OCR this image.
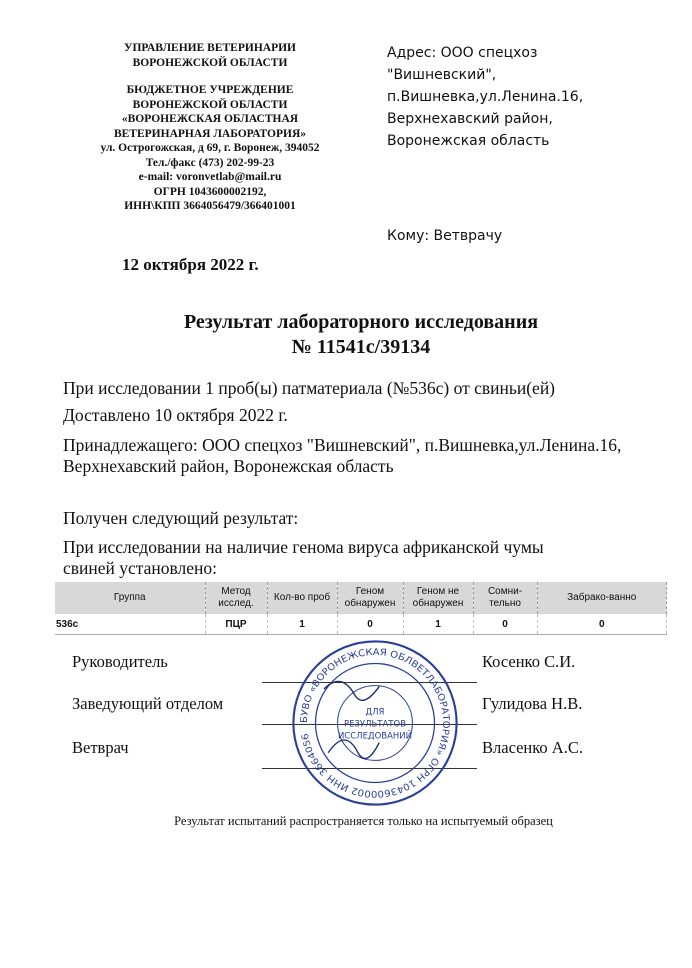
УПРАВЛЕНИЕ ВЕТЕРИНАРИИ
ВОРОНЕЖСКОЙ ОБЛАСТИ
БЮДЖЕТНОЕ УЧРЕЖДЕНИЕ
ВОРОНЕЖСКОЙ ОБЛАСТИ
«ВОРОНЕЖСКАЯ ОБЛАСТНАЯ
ВЕТЕРИНАРНАЯ ЛАБОРАТОРИЯ»
ул. Острогожская, д 69, г. Воронеж, 394052
Тел./факс (473) 202-99-23
e-mail: voronvetlab@mail.ru
ОГРН 1043600002192,
ИНН\КПП 3664056479/366401001
Адрес: ООО спецхоз
"Вишневский",
п.Вишневка,ул.Ленина.16,
Верхнехавский район,
Воронежская область
Кому: Ветврачу
12 октября 2022 г.
Результат лабораторного исследования
№ 11541с/39134
При исследовании 1 проб(ы) патматериала (№536с) от свиньи(ей)
Доставлено 10 октября 2022 г.
Принадлежащего: ООО спецхоз "Вишневский", п.Вишневка,ул.Ленина.16, Верхнехавский район, Воронежская область
Получен следующий результат:
При исследовании на наличие генома вируса африканской чумы свиней установлено:
Группа	Метод исслед.	Кол-во проб	Геном обнаружен	Геном не обнаружен	Сомни-тельно	Забрако-ванно
536с	ПЦР	1	0	1	0	0
Руководитель	Косенко С.И.
Заведующий отделом	Гулидова Н.В.
Ветврач	Власенко А.С.
БУВО «ВОРОНЕЖСКАЯ ОБЛВЕТЛАБОРАТОРИЯ» ОГРН 1043600002 ИНН 3664056
ДЛЯ
РЕЗУЛЬТАТОВ
ИССЛЕДОВАНИЙ
Результат испытаний распространяется только на испытуемый образец
